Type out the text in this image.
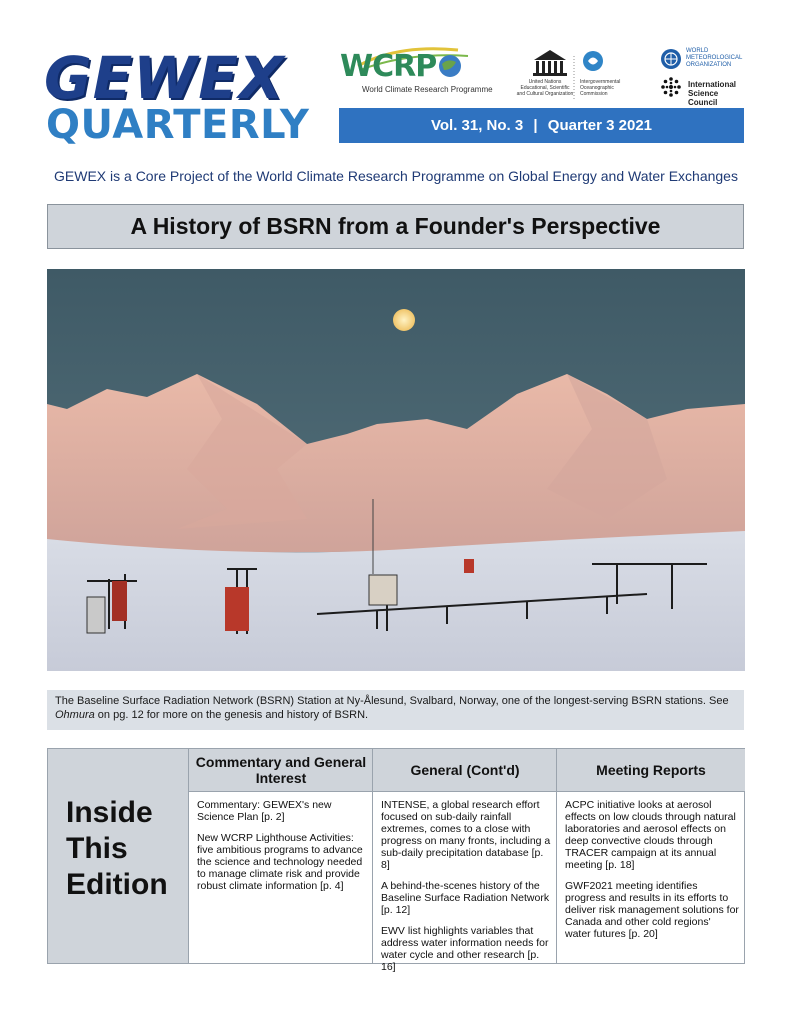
GEWEX
QUARTERLY
WCRP
World Climate Research Programme
United Nations Educational, Scientific and Cultural Organization
Intergovernmental Oceanographic Commission
WORLD METEOROLOGICAL ORGANIZATION
International Science Council
Vol. 31, No. 3 | Quarter 3 2021
GEWEX is a Core Project of the World Climate Research Programme on Global Energy and Water Exchanges
A History of BSRN from a Founder's Perspective
The Baseline Surface Radiation Network (BSRN) Station at Ny-Ålesund, Svalbard, Norway, one of the longest-serving BSRN stations. See Ohmura on pg. 12 for more on the genesis and history of BSRN.
Inside This Edition
Commentary and General Interest

Commentary: GEWEX's new Science Plan [p. 2]

New WCRP Lighthouse Activities: five ambitious programs to advance the science and technology needed to manage climate risk and provide robust climate information [p. 4]

General (Cont'd)

INTENSE, a global research effort focused on sub-daily rainfall extremes, comes to a close with progress on many fronts, including a sub-daily precipitation database [p. 8]

A behind-the-scenes history of the Baseline Surface Radiation Network [p. 12]

EWV list highlights variables that address water information needs for water cycle and other research [p. 16]

Meeting Reports

ACPC initiative looks at aerosol effects on low clouds through natural laboratories and aerosol effects on deep convective clouds through TRACER campaign at its annual meeting [p. 18]

GWF2021 meeting identifies progress and results in its efforts to deliver risk management solutions for Canada and other cold regions' water futures [p. 20]
